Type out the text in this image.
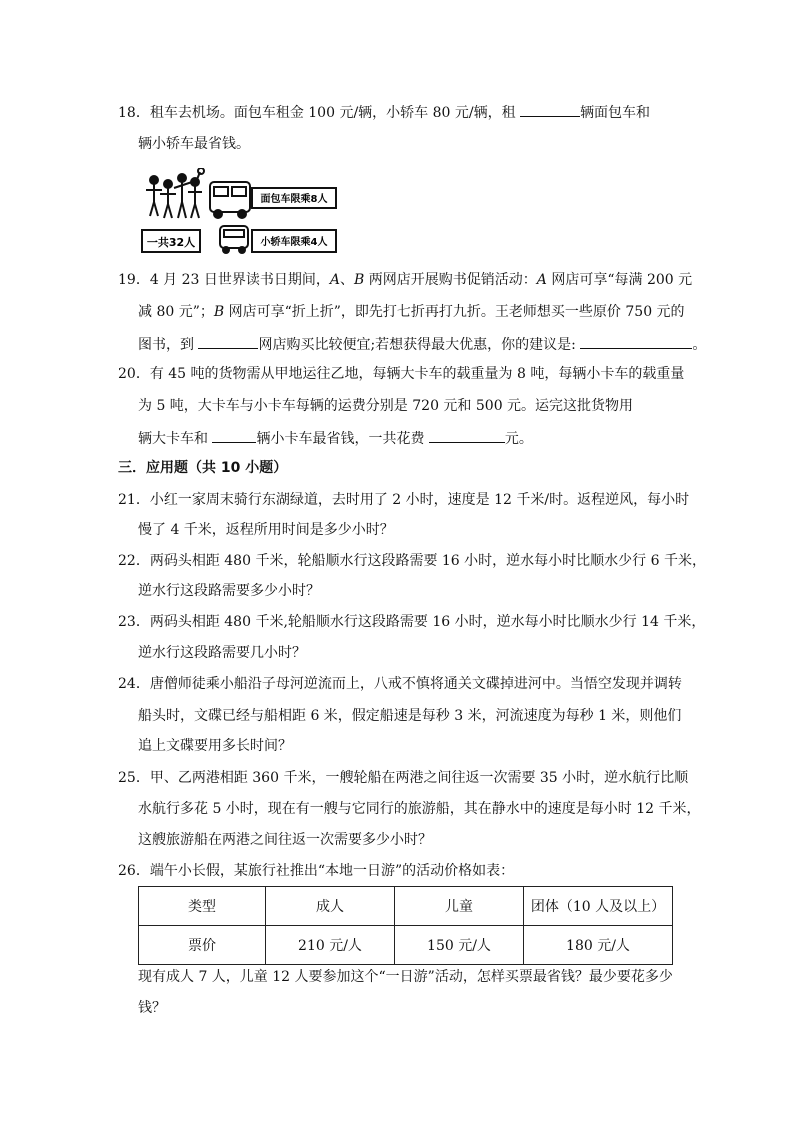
18．租车去机场。面包车租金 100 元/辆，小轿车 80 元/辆，租	辆面包车和
辆小轿车最省钱。
一共32人
面包车限乘8人
小轿车限乘4人
19．4 月 23 日世界读书日期间，A、B 两网店开展购书促销活动：A 网店可享“每满 200 元
减 80 元”；B 网店可享“折上折”，即先打七折再打九折。王老师想买一些原价 750 元的
图书，到	网店购买比较便宜;若想获得最大优惠，你的建议是:	。
20．有 45 吨的货物需从甲地运往乙地，每辆大卡车的载重量为 8 吨，每辆小卡车的载重量
为 5 吨，大卡车与小卡车每辆的运费分别是 720 元和 500 元。运完这批货物用
辆大卡车和	辆小卡车最省钱，一共花费	元。
三．应用题（共 10 小题）
21．小红一家周末骑行东湖绿道，去时用了 2 小时，速度是 12 千米/时。返程逆风，每小时
慢了 4 千米，返程所用时间是多少小时？
22．两码头相距 480 千米，轮船顺水行这段路需要 16 小时，逆水每小时比顺水少行 6 千米，
逆水行这段路需要多少小时？
23．两码头相距 480 千米,轮船顺水行这段路需要 16 小时，逆水每小时比顺水少行 14 千米，
逆水行这段路需要几小时？
24．唐僧师徒乘小船沿子母河逆流而上，八戒不慎将通关文碟掉进河中。当悟空发现并调转
船头时，文碟已经与船相距 6 米，假定船速是每秒 3 米，河流速度为每秒 1 米，则他们
追上文碟要用多长时间？
25．甲、乙两港相距 360 千米，一艘轮船在两港之间往返一次需要 35 小时，逆水航行比顺
水航行多花 5 小时，现在有一艘与它同行的旅游船，其在静水中的速度是每小时 12 千米，
这艘旅游船在两港之间往返一次需要多少小时？
26．端午小长假，某旅行社推出“本地一日游”的活动价格如表：
类型	成人	儿童	团体（10 人及以上）
票价	210 元/人	150 元/人	180 元/人
现有成人 7 人，儿童 12 人要参加这个“一日游”活动，怎样买票最省钱？最少要花多少
钱？
